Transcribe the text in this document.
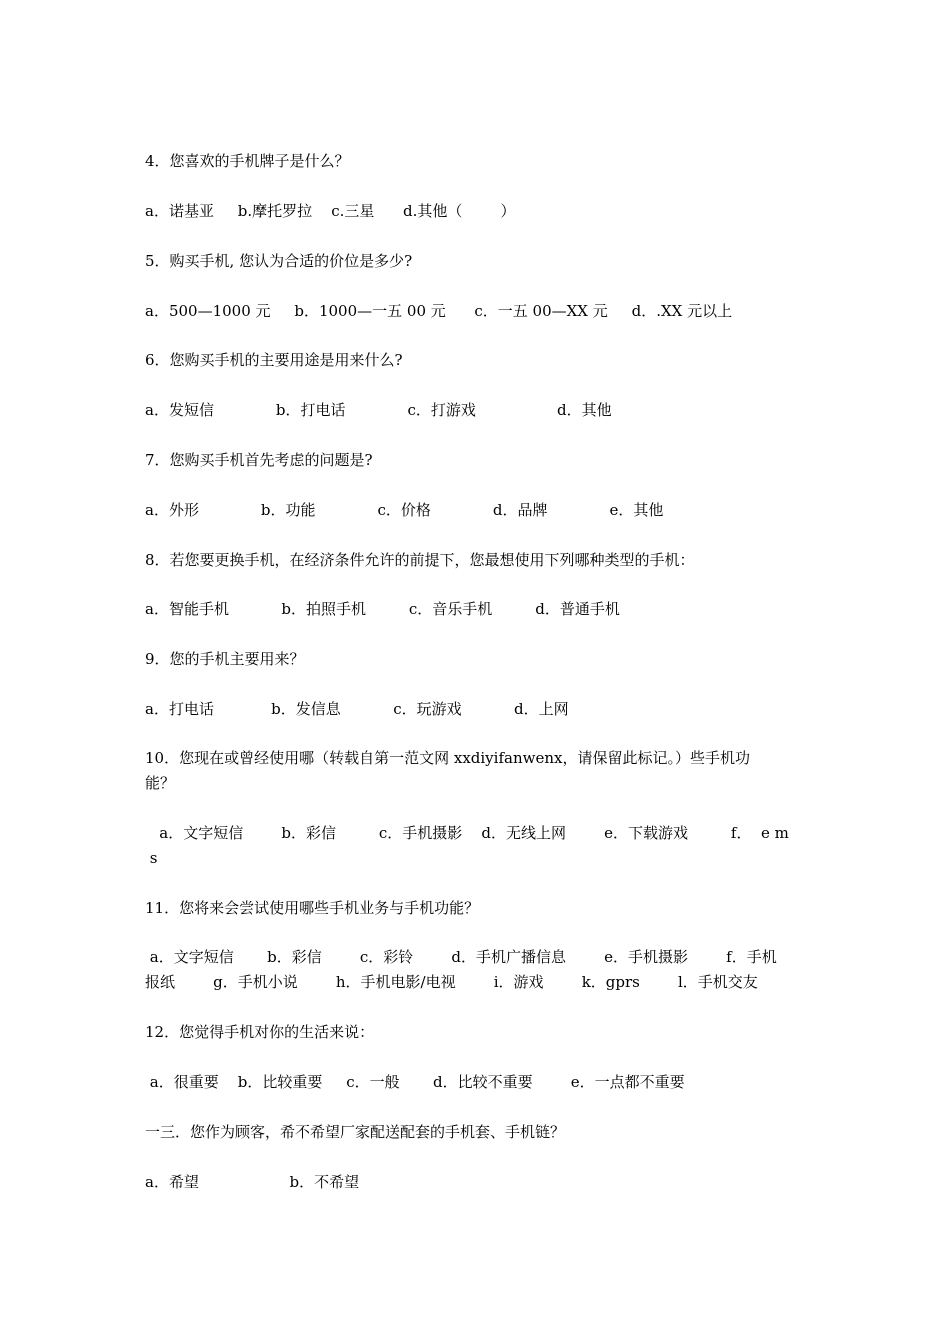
4．您喜欢的手机牌子是什么？
a．诺基亚     b.摩托罗拉    c.三星      d.其他（        ）
5．购买手机, 您认为合适的价位是多少?
a．500—1000 元     b．1000—一五 00 元      c．一五 00—XX 元     d．.XX 元以上
6．您购买手机的主要用途是用来什么?
a．发短信             b．打电话             c．打游戏                 d．其他
7．您购买手机首先考虑的问题是?
a．外形             b．功能             c．价格             d．品牌             e．其他
8．若您要更换手机，在经济条件允许的前提下，您最想使用下列哪种类型的手机：
a．智能手机           b．拍照手机         c．音乐手机         d．普通手机
9．您的手机主要用来？
a．打电话            b．发信息           c．玩游戏           d．上网
10．您现在或曾经使用哪（转载自第一范文网 xxdiyifanwenx，请保留此标记。）些手机功
能？
a．文字短信        b．彩信         c．手机摄影    d．无线上网        e．下载游戏         f．  e m
s
11．您将来会尝试使用哪些手机业务与手机功能？
a．文字短信       b．彩信        c．彩铃        d．手机广播信息        e．手机摄影        f．手机
报纸        g．手机小说        h．手机电影/电视        i．游戏        k．gprs        l．手机交友
12．您觉得手机对你的生活来说：
a．很重要    b．比较重要     c．一般       d．比较不重要        e．一点都不重要
一三．您作为顾客，希不希望厂家配送配套的手机套、手机链？
a．希望                   b．不希望
